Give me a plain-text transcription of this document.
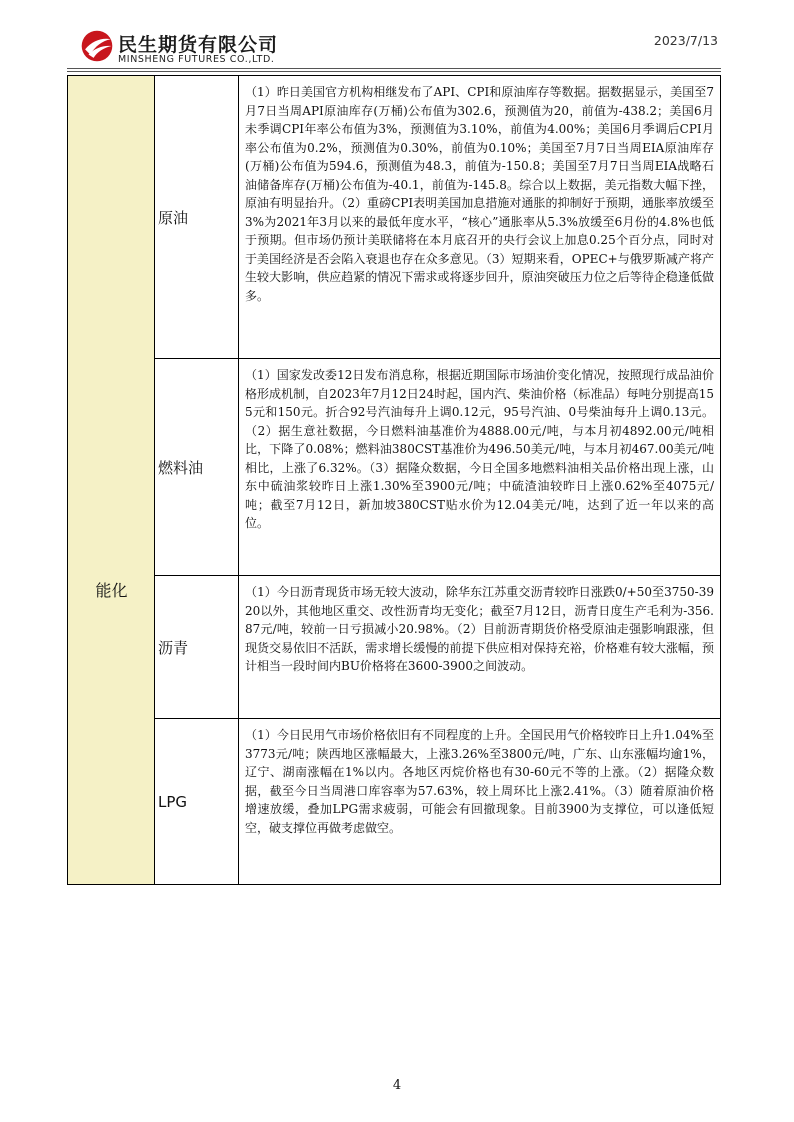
民生期货有限公司
MINSHENG FUTURES CO.,LTD.
2023/7/13
能化
原油
（1）昨日美国官方机构相继发布了API、CPI和原油库存等数据。据数据显示，美国至7月7日当周API原油库存(万桶)公布值为302.6，预测值为20，前值为-438.2；美国6月未季调CPI年率公布值为3%，预测值为3.10%，前值为4.00%；美国6月季调后CPI月率公布值为0.2%，预测值为0.30%，前值为0.10%；美国至7月7日当周EIA原油库存(万桶)公布值为594.6，预测值为48.3，前值为-150.8；美国至7月7日当周EIA战略石油储备库存(万桶)公布值为-40.1，前值为-145.8。综合以上数据，美元指数大幅下挫，原油有明显抬升。（2）重磅CPI表明美国加息措施对通胀的抑制好于预期，通胀率放缓至3%为2021年3月以来的最低年度水平，“核心”通胀率从5.3%放缓至6月份的4.8%也低于预期。但市场仍预计美联储将在本月底召开的央行会议上加息0.25个百分点，同时对于美国经济是否会陷入衰退也存在众多意见。（3）短期来看，OPEC+与俄罗斯减产将产生较大影响，供应趋紧的情况下需求或将逐步回升，原油突破压力位之后等待企稳逢低做多。
燃料油
（1）国家发改委12日发布消息称，根据近期国际市场油价变化情况，按照现行成品油价格形成机制，自2023年7月12日24时起，国内汽、柴油价格（标准品）每吨分别提高155元和150元。折合92号汽油每升上调0.12元，95号汽油、0号柴油每升上调0.13元。（2）据生意社数据，今日燃料油基准价为4888.00元/吨，与本月初4892.00元/吨相比，下降了0.08%；燃料油380CST基准价为496.50美元/吨，与本月初467.00美元/吨相比，上涨了6.32%。（3）据隆众数据，今日全国多地燃料油相关品价格出现上涨，山东中硫油浆较昨日上涨1.30%至3900元/吨；中硫渣油较昨日上涨0.62%至4075元/吨；截至7月12日，新加坡380CST贴水价为12.04美元/吨，达到了近一年以来的高位。
沥青
（1）今日沥青现货市场无较大波动，除华东江苏重交沥青较昨日涨跌0/+50至3750-3920以外，其他地区重交、改性沥青均无变化；截至7月12日，沥青日度生产毛利为-356.87元/吨，较前一日亏损减小20.98%。（2）目前沥青期货价格受原油走强影响跟涨，但现货交易依旧不活跃，需求增长缓慢的前提下供应相对保持充裕，价格难有较大涨幅，预计相当一段时间内BU价格将在3600-3900之间波动。
LPG
（1）今日民用气市场价格依旧有不同程度的上升。全国民用气价格较昨日上升1.04%至3773元/吨；陕西地区涨幅最大，上涨3.26%至3800元/吨，广东、山东涨幅均逾1%，辽宁、湖南涨幅在1%以内。各地区丙烷价格也有30-60元不等的上涨。（2）据隆众数据，截至今日当周港口库容率为57.63%，较上周环比上涨2.41%。（3）随着原油价格增速放缓，叠加LPG需求疲弱，可能会有回撤现象。目前3900为支撑位，可以逢低短空，破支撑位再做考虑做空。
4
